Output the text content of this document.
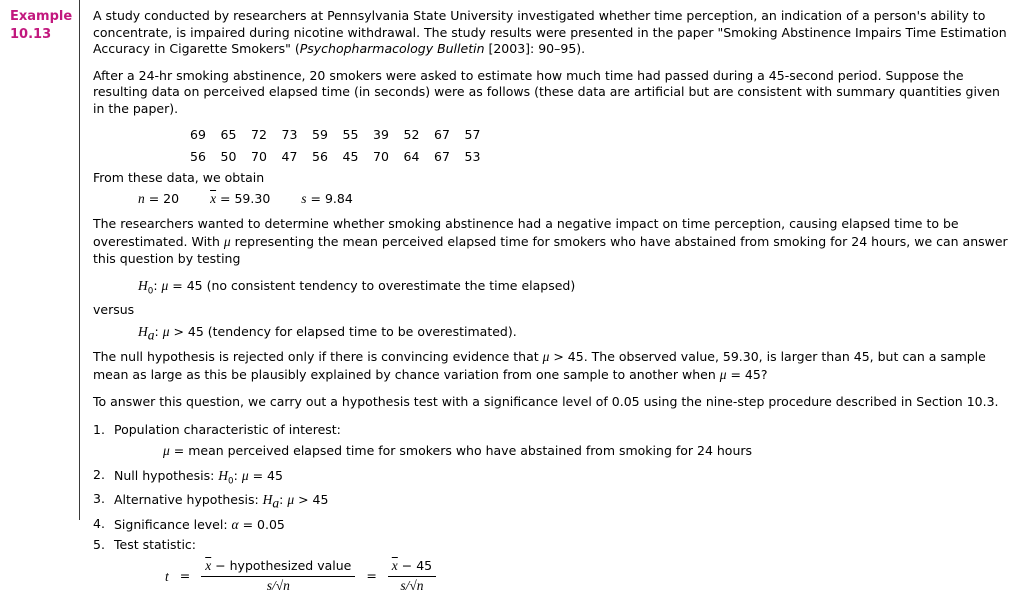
Example
10.13

A study conducted by researchers at Pennsylvania State University investigated whether time perception, an indication of a person's ability to concentrate, is impaired during nicotine withdrawal. The study results were presented in the paper "Smoking Abstinence Impairs Time Estimation Accuracy in Cigarette Smokers" (Psychopharmacology Bulletin [2003]: 90–95).

After a 24-hr smoking abstinence, 20 smokers were asked to estimate how much time had passed during a 45-second period. Suppose the resulting data on perceived elapsed time (in seconds) were as follows (these data are artificial but are consistent with summary quantities given in the paper).

69 65 72 73 59 55 39 52 67 57
56 50 70 47 56 45 70 64 67 53

From these data, we obtain

n = 20 $\overline{x} = 59.30$ s = 9.84

The researchers wanted to determine whether smoking abstinence had a negative impact on time perception, causing elapsed time to be overestimated. With μ representing the mean perceived elapsed time for smokers who have abstained from smoking for 24 hours, we can answer this question by testing

$H_0$: μ = 45 (no consistent tendency to overestimate the time elapsed)
versus
$H_a$: μ > 45 (tendency for elapsed time to be overestimated).

The null hypothesis is rejected only if there is convincing evidence that μ > 45. The observed value, 59.30, is larger than 45, but can a sample mean as large as this be plausibly explained by chance variation from one sample to another when μ = 45?

To answer this question, we carry out a hypothesis test with a significance level of 0.05 using the nine-step procedure described in Section 10.3.

1. Population characteristic of interest:
μ = mean perceived elapsed time for smokers who have abstained from smoking for 24 hours
2. Null hypothesis: $H_0$: μ = 45
3. Alternative hypothesis: $H_a$: μ > 45
4. Significance level: α = 0.05
5. Test statistic:
$t = \frac{\overline{x} - hypothesized value}{s/√n} = \frac{\overline{x} - 45}{s/√n}$
